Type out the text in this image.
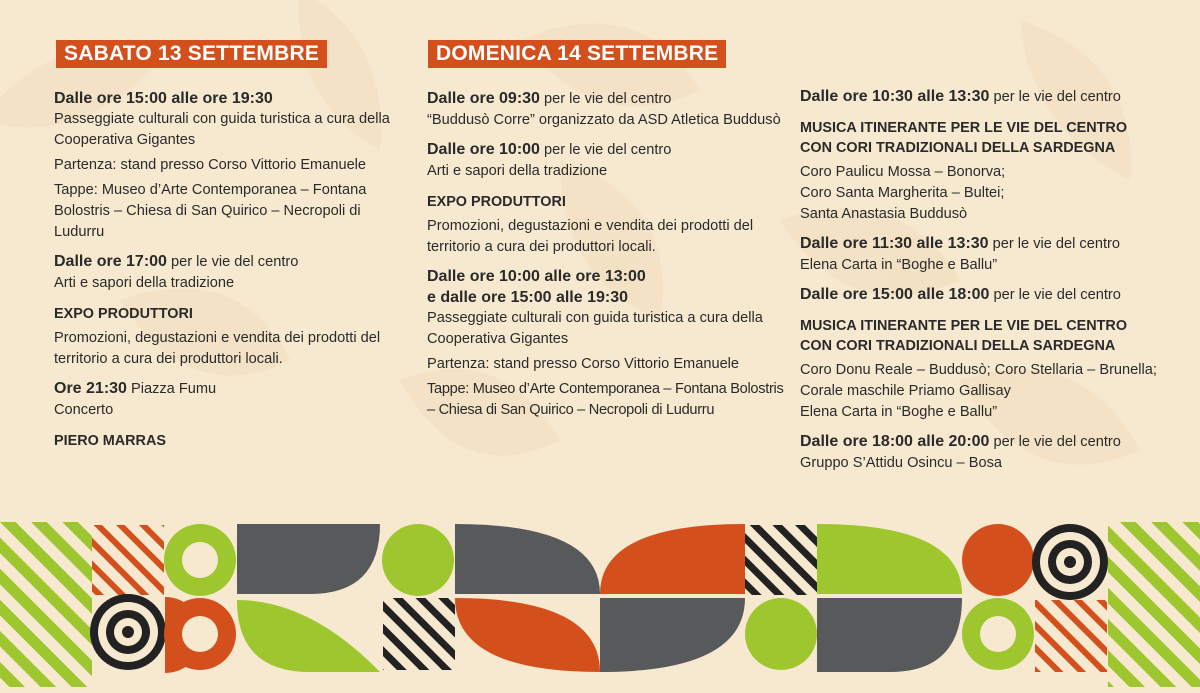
SABATO 13 SETTEMBRE

Dalle ore 15:00 alle ore 19:30

Passeggiate culturali con guida turistica a cura della Cooperativa Gigantes

Partenza: stand presso Corso Vittorio Emanuele

Tappe: Museo d’Arte Contemporanea – Fontana Bolostris – Chiesa di San Quirico – Necropoli di Ludurru

Dalle ore 17:00 per le vie del centro

Arti e sapori della tradizione

EXPO PRODUTTORI

Promozioni, degustazioni e vendita dei prodotti del territorio a cura dei produttori locali.

Ore 21:30 Piazza Fumu

Concerto

PIERO MARRAS

DOMENICA 14 SETTEMBRE

Dalle ore 09:30 per le vie del centro

“Buddusò Corre” organizzato da ASD Atletica Buddusò

Dalle ore 10:00 per le vie del centro

Arti e sapori della tradizione

EXPO PRODUTTORI

Promozioni, degustazioni e vendita dei prodotti del territorio a cura dei produttori locali.

Dalle ore 10:00 alle ore 13:00

e dalle ore 15:00 alle 19:30

Passeggiate culturali con guida turistica a cura della Cooperativa Gigantes

Partenza: stand presso Corso Vittorio Emanuele

Tappe: Museo d’Arte Contemporanea – Fontana Bolostris – Chiesa di San Quirico – Necropoli di Ludurru

Dalle ore 10:30 alle 13:30 per le vie del centro

MUSICA ITINERANTE PER LE VIE DEL CENTRO CON CORI TRADIZIONALI DELLA SARDEGNA

Coro Paulicu Mossa – Bonorva;

Coro Santa Margherita – Bultei;

Santa Anastasia Buddusò

Dalle ore 11:30 alle 13:30 per le vie del centro

Elena Carta in “Boghe e Ballu”

Dalle ore 15:00 alle 18:00 per le vie del centro

MUSICA ITINERANTE PER LE VIE DEL CENTRO CON CORI TRADIZIONALI DELLA SARDEGNA

Coro Donu Reale – Buddusò; Coro Stellaria – Brunella; Corale maschile Priamo Gallisay

Elena Carta in “Boghe e Ballu”

Dalle ore 18:00 alle 20:00 per le vie del centro

Gruppo S’Attidu Osincu – Bosa
